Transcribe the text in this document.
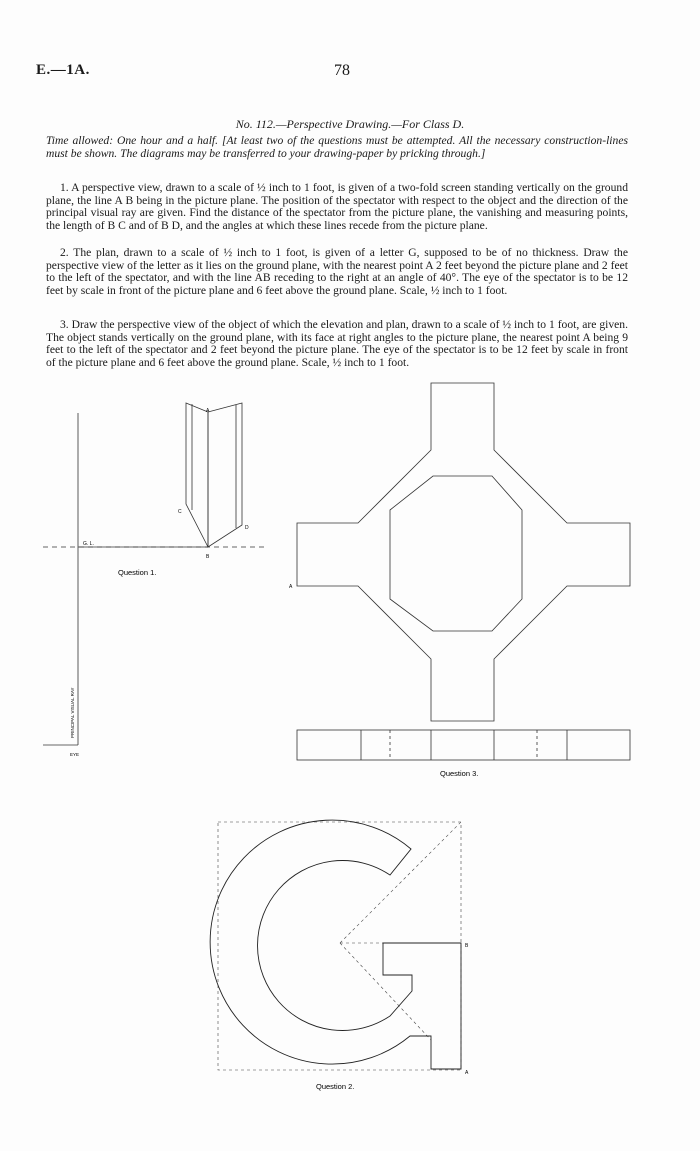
E.—1A.	78
No. 112.—Perspective Drawing.—For Class D.
Time allowed: One hour and a half. [At least two of the questions must be attempted. All the necessary construction-lines must be shown. The diagrams may be transferred to your drawing-paper by pricking through.]
1. A perspective view, drawn to a scale of ½ inch to 1 foot, is given of a two-fold screen standing vertically on the ground plane, the line A B being in the picture plane. The position of the spectator with respect to the object and the direction of the principal visual ray are given. Find the distance of the spectator from the picture plane, the vanishing and measuring points, the length of B C and of B D, and the angles at which these lines recede from the picture plane.
2. The plan, drawn to a scale of ½ inch to 1 foot, is given of a letter G, supposed to be of no thickness. Draw the perspective view of the letter as it lies on the ground plane, with the nearest point A 2 feet beyond the picture plane and 2 feet to the left of the spectator, and with the line AB receding to the right at an angle of 40°. The eye of the spectator is to be 12 feet by scale in front of the picture plane and 6 feet above the ground plane. Scale, ½ inch to 1 foot.
3. Draw the perspective view of the object of which the elevation and plan, drawn to a scale of ½ inch to 1 foot, are given. The object stands vertically on the ground plane, with its face at right angles to the picture plane, the nearest point A being 9 feet to the left of the spectator and 2 feet beyond the picture plane. The eye of the spectator is to be 12 feet by scale in front of the picture plane and 6 feet above the ground plane. Scale, ½ inch to 1 foot.
A
B
C
D
G. L.
PRINCIPAL VISUAL RAY
EYE
Question 1.
A
Question 3.
B
A
Question 2.
